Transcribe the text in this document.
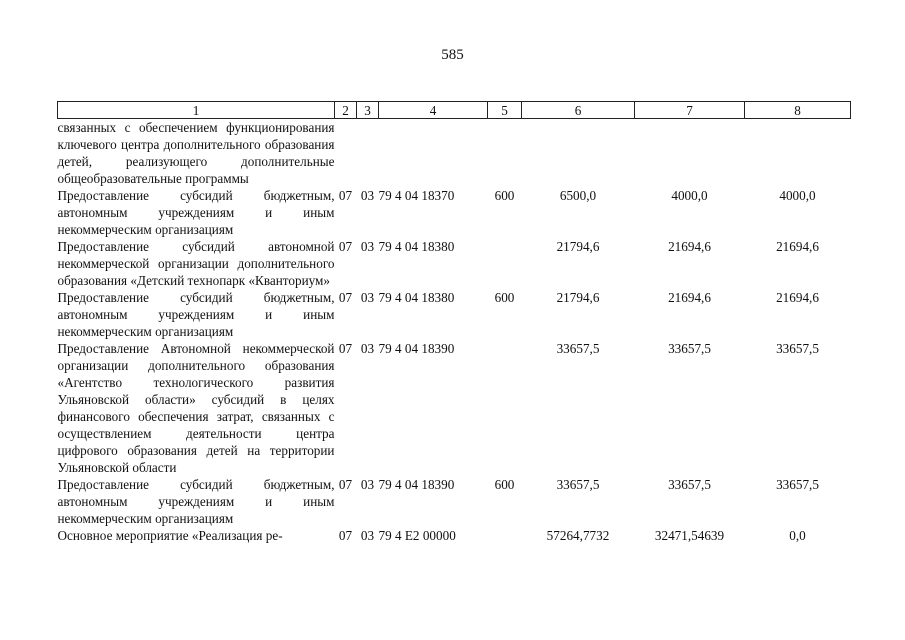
585
1	2	3	4	5	6	7	8
связанных с обеспечением функционирования ключевого центра дополнительного образования детей, реализующего дополнительные общеобразовательные программы							
Предоставление субсидий бюджетным, автономным учреждениям и иным некоммерческим организациям	07	03	79 4 04 18370	600	6500,0	4000,0	4000,0
Предоставление субсидий автономной некоммерческой организации дополнительного образования «Детский технопарк «Кванториум»	07	03	79 4 04 18380		21794,6	21694,6	21694,6
Предоставление субсидий бюджетным, автономным учреждениям и иным некоммерческим организациям	07	03	79 4 04 18380	600	21794,6	21694,6	21694,6
Предоставление Автономной некоммерческой организации дополнительного образования «Агентство технологического развития Ульяновской области» субсидий в целях финансового обеспечения затрат, связанных с осуществлением деятельности центра цифрового образования детей на территории Ульяновской области	07	03	79 4 04 18390		33657,5	33657,5	33657,5
Предоставление субсидий бюджетным, автономным учреждениям и иным некоммерческим организациям	07	03	79 4 04 18390	600	33657,5	33657,5	33657,5
Основное мероприятие «Реализация ре-	07	03	79 4 E2 00000		57264,7732	32471,54639	0,0
